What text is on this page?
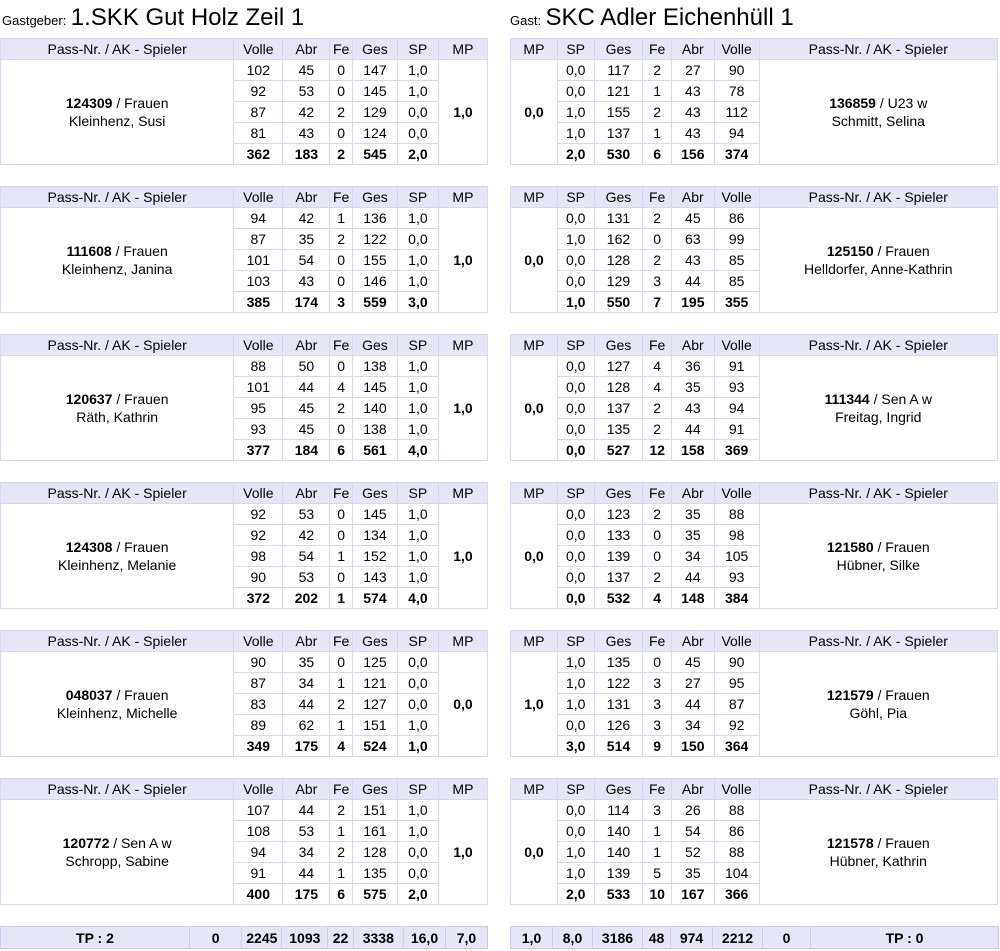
Gastgeber: 1.SKK Gut Holz Zeil 1	Gast: SKC Adler Eichenhüll 1
Pass-Nr. / AK - Spieler	Volle	Abr	Fe	Ges	SP	MP

124309 / Frauen
Kleinhenz, Susi	102	45	0	147	1,0	1,0
	92	53	0	145	1,0	
	87	42	2	129	0,0	
	81	43	0	124	0,0	
	362	183	2	545	2,0	
MP	SP	Ges	Fe	Abr	Volle	Pass-Nr. / AK - Spieler
0,0	0,0	117	2	27	90	136859 / U23 w
Schmitt, Selina

	0,0	121	1	43	78	
	1,0	155	2	43	112	
	1,0	137	1	43	94	
	2,0	530	6	156	374	
Pass-Nr. / AK - Spieler	Volle	Abr	Fe	Ges	SP	MP

111608 / Frauen
Kleinhenz, Janina	94	42	1	136	1,0	1,0
	87	35	2	122	0,0	
	101	54	0	155	1,0	
	103	43	0	146	1,0	
	385	174	3	559	3,0	
MP	SP	Ges	Fe	Abr	Volle	Pass-Nr. / AK - Spieler
0,0	0,0	131	2	45	86	125150 / Frauen
Helldorfer, Anne-Kathrin

	1,0	162	0	63	99	
	0,0	128	2	43	85	
	0,0	129	3	44	85	
	1,0	550	7	195	355	
Pass-Nr. / AK - Spieler	Volle	Abr	Fe	Ges	SP	MP

120637 / Frauen
Räth, Kathrin	88	50	0	138	1,0	1,0
	101	44	4	145	1,0	
	95	45	2	140	1,0	
	93	45	0	138	1,0	
	377	184	6	561	4,0	
MP	SP	Ges	Fe	Abr	Volle	Pass-Nr. / AK - Spieler
0,0	0,0	127	4	36	91	111344 / Sen A w
Freitag, Ingrid

	0,0	128	4	35	93	
	0,0	137	2	43	94	
	0,0	135	2	44	91	
	0,0	527	12	158	369	
Pass-Nr. / AK - Spieler	Volle	Abr	Fe	Ges	SP	MP

124308 / Frauen
Kleinhenz, Melanie	92	53	0	145	1,0	1,0
	92	42	0	134	1,0	
	98	54	1	152	1,0	
	90	53	0	143	1,0	
	372	202	1	574	4,0	
MP	SP	Ges	Fe	Abr	Volle	Pass-Nr. / AK - Spieler
0,0	0,0	123	2	35	88	121580 / Frauen
Hübner, Silke

	0,0	133	0	35	98	
	0,0	139	0	34	105	
	0,0	137	2	44	93	
	0,0	532	4	148	384	
Pass-Nr. / AK - Spieler	Volle	Abr	Fe	Ges	SP	MP

048037 / Frauen
Kleinhenz, Michelle	90	35	0	125	0,0	0,0
	87	34	1	121	0,0	
	83	44	2	127	0,0	
	89	62	1	151	1,0	
	349	175	4	524	1,0	
MP	SP	Ges	Fe	Abr	Volle	Pass-Nr. / AK - Spieler
1,0	1,0	135	0	45	90	121579 / Frauen
Göhl, Pia

	1,0	122	3	27	95	
	1,0	131	3	44	87	
	0,0	126	3	34	92	
	3,0	514	9	150	364	
Pass-Nr. / AK - Spieler	Volle	Abr	Fe	Ges	SP	MP

120772 / Sen A w
Schropp, Sabine	107	44	2	151	1,0	1,0
	108	53	1	161	1,0	
	94	34	2	128	0,0	
	91	44	1	135	0,0	
	400	175	6	575	2,0	
MP	SP	Ges	Fe	Abr	Volle	Pass-Nr. / AK - Spieler
0,0	0,0	114	3	26	88	121578 / Frauen
Hübner, Kathrin

	0,0	140	1	54	86	
	1,0	140	1	52	88	
	1,0	139	5	35	104	
	2,0	533	10	167	366	
TP : 2	0	2245	1093	22	3338	16,0	7,0	1,0	8,0	3186	48	974	2212	0	TP : 0
